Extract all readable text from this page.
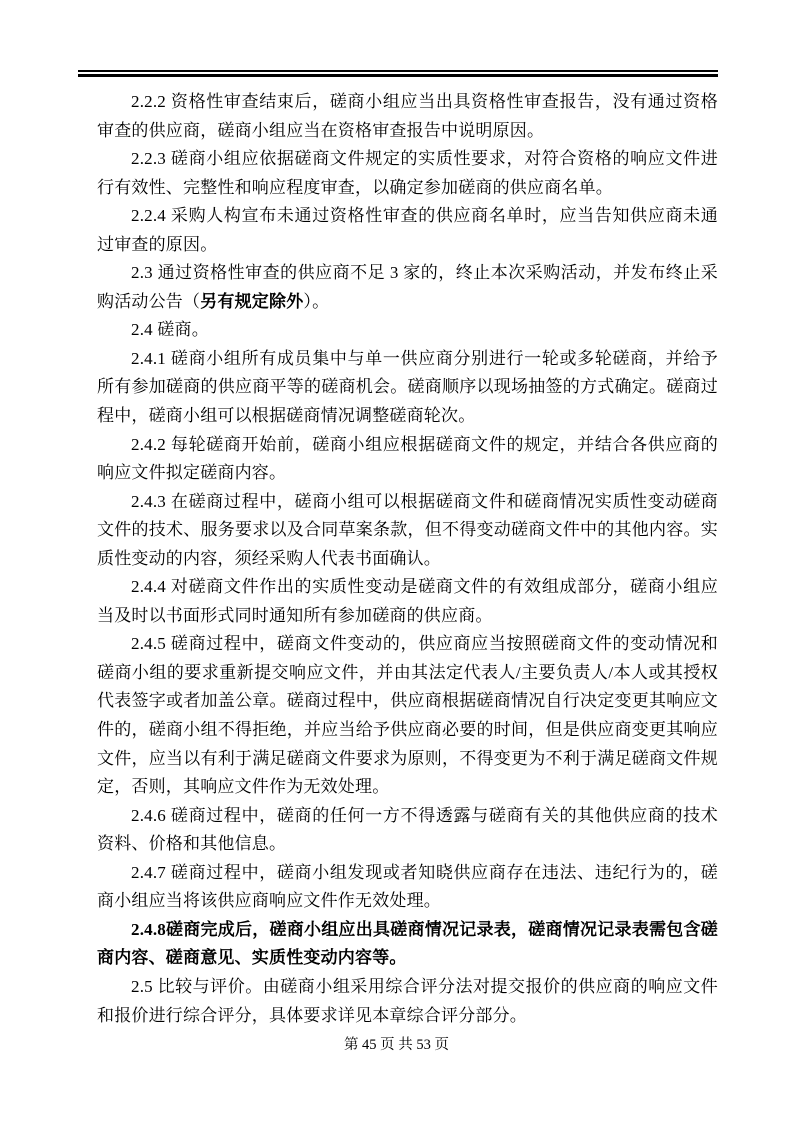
2.2.2 资格性审查结束后，磋商小组应当出具资格性审查报告，没有通过资格审查的供应商，磋商小组应当在资格审查报告中说明原因。

2.2.3 磋商小组应依据磋商文件规定的实质性要求，对符合资格的响应文件进行有效性、完整性和响应程度审查，以确定参加磋商的供应商名单。

2.2.4 采购人构宣布未通过资格性审查的供应商名单时，应当告知供应商未通过审查的原因。

2.3 通过资格性审查的供应商不足 3 家的，终止本次采购活动，并发布终止采购活动公告（另有规定除外）。

2.4 磋商。

2.4.1 磋商小组所有成员集中与单一供应商分别进行一轮或多轮磋商，并给予所有参加磋商的供应商平等的磋商机会。磋商顺序以现场抽签的方式确定。磋商过程中，磋商小组可以根据磋商情况调整磋商轮次。

2.4.2 每轮磋商开始前，磋商小组应根据磋商文件的规定，并结合各供应商的响应文件拟定磋商内容。

2.4.3 在磋商过程中，磋商小组可以根据磋商文件和磋商情况实质性变动磋商文件的技术、服务要求以及合同草案条款，但不得变动磋商文件中的其他内容。实质性变动的内容，须经采购人代表书面确认。

2.4.4 对磋商文件作出的实质性变动是磋商文件的有效组成部分，磋商小组应当及时以书面形式同时通知所有参加磋商的供应商。

2.4.5 磋商过程中，磋商文件变动的，供应商应当按照磋商文件的变动情况和磋商小组的要求重新提交响应文件，并由其法定代表人/主要负责人/本人或其授权代表签字或者加盖公章。磋商过程中，供应商根据磋商情况自行决定变更其响应文件的，磋商小组不得拒绝，并应当给予供应商必要的时间，但是供应商变更其响应文件，应当以有利于满足磋商文件要求为原则，不得变更为不利于满足磋商文件规定，否则，其响应文件作为无效处理。

2.4.6 磋商过程中，磋商的任何一方不得透露与磋商有关的其他供应商的技术资料、价格和其他信息。

2.4.7 磋商过程中，磋商小组发现或者知晓供应商存在违法、违纪行为的，磋商小组应当将该供应商响应文件作无效处理。

2.4.8磋商完成后，磋商小组应出具磋商情况记录表，磋商情况记录表需包含磋商内容、磋商意见、实质性变动内容等。

2.5 比较与评价。由磋商小组采用综合评分法对提交报价的供应商的响应文件和报价进行综合评分，具体要求详见本章综合评分部分。

第 45 页 共 53 页
